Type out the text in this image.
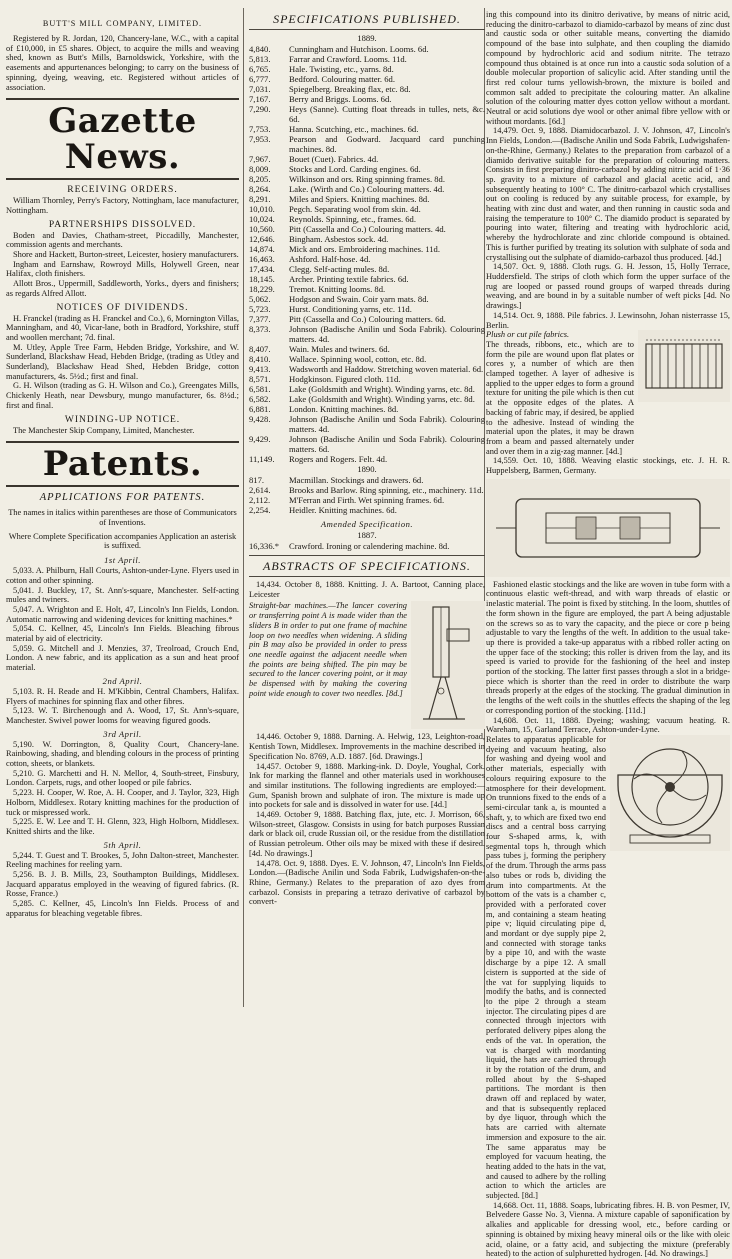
BUTT'S MILL COMPANY, LIMITED.

Registered by R. Jordan, 120, Chancery-lane, W.C., with a capital of £10,000, in £5 shares. Object, to acquire the mills and weaving shed, known as Butt's Mills, Barnoldswick, Yorkshire, with the easements and appurtenances belonging; to carry on the business of spinning, dyeing, weaving, etc. Registered without articles of association.

Gazette News.

RECEIVING ORDERS.

William Thornley, Perry's Factory, Nottingham, lace manufacturer, Nottingham.

PARTNERSHIPS DISSOLVED.

Boden and Davies, Chatham-street, Piccadilly, Manchester, commission agents and merchants.

Shore and Hackett, Burton-street, Leicester, hosiery manufacturers.

Ingham and Earnshaw, Rowroyd Mills, Holywell Green, near Halifax, cloth finishers.

Allott Bros., Uppermill, Saddleworth, Yorks., dyers and finishers; as regards Alfred Allott.

NOTICES OF DIVIDENDS.

H. Franckel (trading as H. Franckel and Co.), 6, Mornington Villas, Manningham, and 40, Vicar-lane, both in Bradford, Yorkshire, stuff and woollen merchant; 7d. final.

M. Utley, Apple Tree Farm, Hebden Bridge, Yorkshire, and W. Sunderland, Blackshaw Head, Hebden Bridge, (trading as Utley and Sunderland), Blackshaw Head Shed, Hebden Bridge, cotton manufacturers, 4s. 5½d.; first and final.

G. H. Wilson (trading as G. H. Wilson and Co.), Greengates Mills, Chickenly Heath, near Dewsbury, mungo manufacturer, 6s. 8½d.; first and final.

WINDING-UP NOTICE.

The Manchester Skip Company, Limited, Manchester.

Patents.

APPLICATIONS FOR PATENTS.

The names in italics within parentheses are those of Communicators of Inventions.

Where Complete Specification accompanies Application an asterisk is suffixed.

1st April.

5,033. A. Philburn, Hall Courts, Ashton-under-Lyne. Flyers used in cotton and other spinning.

5,041. J. Buckley, 17, St. Ann's-square, Manchester. Self-acting mules and twiners.

5,047. A. Wrighton and E. Holt, 47, Lincoln's Inn Fields, London. Automatic narrowing and widening devices for knitting machines.*

5,054. C. Kellner, 45, Lincoln's Inn Fields. Bleaching fibrous material by aid of electricity.

5,059. G. Mitchell and J. Menzies, 37, Treolroad, Crouch End, London. A new fabric, and its application as a sun and heat proof material.

2nd April.

5,103. R. H. Reade and H. M'Kibbin, Central Chambers, Halifax. Flyers of machines for spinning flax and other fibres.

5,123. W. T. Birchenough and A. Wood, 17, St. Ann's-square, Manchester. Swivel power looms for weaving figured goods.

3rd April.

5,190. W. Dorrington, 8, Quality Court, Chancery-lane. Rainbowing, shading, and blending colours in the process of printing cotton, sheets, or blankets.

5,210. G. Marchetti and H. N. Mellor, 4, South-street, Finsbury, London. Carpets, rugs, and other looped or pile fabrics.

5,223. H. Cooper, W. Roe, A. H. Cooper, and J. Taylor, 323, High Holborn, Middlesex. Rotary knitting machines for the production of tuck or mispressed work.

5,225. E. W. Lee and T. H. Glenn, 323, High Holborn, Middlesex. Knitted shirts and the like.

5th April.

5,244. T. Guest and T. Brookes, 5, John Dalton-street, Manchester. Reeling machines for reeling yarn.

5,256. B. J. B. Mills, 23, Southampton Buildings, Middlesex. Jacquard apparatus employed in the weaving of figured fabrics. (R. Rosse, France.)

5,285. C. Kellner, 45, Lincoln's Inn Fields. Process of and apparatus for bleaching vegetable fibres.

SPECIFICATIONS PUBLISHED.

1889.

4,840.	Cunningham and Hutchison. Looms. 6d.
5,813.	Farrar and Crawford. Looms. 11d.
6,765.	Hale. Twisting, etc., yarns. 8d.
6,777.	Bedford. Colouring matter. 6d.
7,031.	Spiegelberg. Breaking flax, etc. 8d.
7,167.	Berry and Briggs. Looms. 6d.
7,290.	Heys (Sanne). Cutting float threads in tulles, nets, &c. 6d.
7,753.	Hanna. Scutching, etc., machines. 6d.
7,953.	Pearson and Godward. Jacquard card punching machines. 8d.
7,967.	Bouet (Cuet). Fabrics. 4d.
8,009.	Stocks and Lord. Carding engines. 6d.
8,205.	Wilkinson and ors. Ring spinning frames. 8d.
8,264.	Lake. (Wirth and Co.) Colouring matters. 4d.
8,291.	Miles and Spiers. Knitting machines. 8d.
10,010.	Pegch. Separating wool from skin. 4d.
10,024.	Reynolds. Spinning, etc., frames. 6d.
10,560.	Pitt (Cassella and Co.) Colouring matters. 4d.
12,646.	Bingham. Asbestos sock. 4d.
14,874.	Mick and ors. Embroidering machines. 11d.
16,463.	Ashford. Half-hose. 4d.
17,434.	Clegg. Self-acting mules. 8d.
18,145.	Archer. Printing textile fabrics. 6d.
18,229.	Tremot. Knitting looms. 8d.
5,062.	Hodgson and Swain. Coir yarn mats. 8d.
5,723.	Hurst. Conditioning yarns, etc. 11d.
7,377.	Pitt (Cassella and Co.) Colouring matters. 6d.
8,373.	Johnson (Badische Anilin und Soda Fabrik). Colouring matters. 4d.
8,407.	Wain. Mules and twiners. 6d.
8,410.	Wallace. Spinning wool, cotton, etc. 8d.
9,413.	Wadsworth and Haddow. Stretching woven material. 6d.
8,571.	Hodgkinson. Figured cloth. 11d.
6,581.	Lake (Goldsmith and Wright). Winding yarns, etc. 8d.
6,582.	Lake (Goldsmith and Wright). Winding yarns, etc. 8d.
6,881.	London. Knitting machines. 8d.
9,428.	Johnson (Badische Anilin und Soda Fabrik). Colouring matters. 4d.
9,429.	Johnson (Badische Anilin und Soda Fabrik). Colouring matters. 6d.
11,149.	Rogers and Rogers. Felt. 4d.

1890.

817.	Macmillan. Stockings and drawers. 6d.
2,614.	Brooks and Barlow. Ring spinning, etc., machinery. 11d.
2,112.	M'Ferran and Firth. Wet spinning frames. 6d.
2,254.	Heidler. Knitting machines. 6d.

Amended Specification.

1887.

16,336.*	Crawford. Ironing or calendering machine. 8d.

ABSTRACTS OF SPECIFICATIONS.

14,434. October 8, 1888. Knitting. J. A. Bartoot, Canning place, Leicester

Straight-bar machines.—The lancer covering or transferring point A is made wider than the sliders B in order to put one frame of machine loop on two needles when widening. A sliding pin B may also be provided in order to press one needle against the adjacent needle when the points are being shifted. The pin may be secured to the lancer covering point, or it may be dispensed with by making the covering point wide enough to cover two needles. [8d.]

14,446. October 9, 1888. Darning. A. Helwig, 123, Leighton-road, Kentish Town, Middlesex. Improvements in the machine described in Specification No. 8769, A.D. 1887. [6d. Drawings.]

14,457. October 9, 1888. Marking-ink. D. Doyle, Youghal, Cork. Ink for marking the flannel and other materials used in workhouses and similar institutions. The following ingredients are employed:—Gum, Spanish brown and sulphate of iron. The mixture is made up into pockets for sale and is dissolved in water for use. [4d.]

14,469. October 9, 1888. Batching flax, jute, etc. J. Morrison, 66, Wilson-street, Glasgow. Consists in using for batch purposes Russian dark or black oil, crude Russian oil, or the residue from the distillation of Russian petroleum. Other oils may be mixed with these if desired. [4d. No drawings.]

14,478. Oct. 9, 1888. Dyes. E. V. Johnson, 47, Lincoln's Inn Fields, London.—(Badische Anilin und Soda Fabrik, Ludwigshafen-on-the-Rhine, Germany.) Relates to the preparation of azo dyes from carbazol. Consists in preparing a tetrazo derivative of carbazol by convert-

ing this compound into its dinitro derivative, by means of nitric acid, reducing the dinitro-carbazol to diamido-carbazol by means of zinc dust and caustic soda or other suitable means, converting the diamido compound of the base into sulphate, and then coupling the diamido compound by hydrochloric acid and sodium nitrite. The tetrazo compound thus obtained is at once run into a caustic soda solution of a double molecular proportion of salicylic acid. After standing until the first red colour turns yellowish-brown, the mixture is boiled and common salt added to precipitate the colouring matter. An alkaline solution of the colouring matter dyes cotton yellow without a mordant. Neutral or acid solutions dye wool or other animal fibre yellow with or without mordants. [6d.]

14,479. Oct. 9, 1888. Diamidocarbazol. J. V. Johnson, 47, Lincoln's Inn Fields, London.—(Badische Anilin und Soda Fabrik, Ludwigshafen-on-the-Rhine, Germany.) Relates to the preparation from carbazol of a diamido derivative suitable for the preparation of colouring matters. Consists in first preparing dinitro-carbazol by adding nitric acid of 1·36 sp. gravity to a mixture of carbazol and glacial acetic acid, and subsequently heating to 100° C. The dinitro-carbazol which crystallises out on cooling is reduced by any suitable process, for example, by heating with zinc dust and water, and then running in caustic soda and raising the temperature to 100° C. The diamido product is separated by pouring into water, filtering and treating with hydrochloric acid, whereby the hydrochlorate and zinc chloride compound is obtained. This is further purified by treating its solution with sulphate of soda and crystallising out the sulphate of diamido-carbazol thus produced. [4d.]

14,507. Oct. 9, 1888. Cloth rugs. G. H. Jesson, 15, Holly Terrace, Huddersfield. The strips of cloth which form the upper surface of the rug are looped or passed round groups of warped threads during weaving, and are bound in by a suitable number of weft picks [4d. No drawings.]

14,514. Oct. 9, 1888. Pile fabrics. J. Lewinsohn, Johan nisterrasse 15, Berlin.

Plush or cut pile fabrics.

The threads, ribbons, etc., which are to form the pile are wound upon flat plates or cores y, a number of which are then clamped together. A layer of adhesive is applied to the upper edges to form a ground texture for uniting the pile which is then cut at the opposite edges of the plates. A backing of fabric may, if desired, be applied to the adhesive. Instead of winding the material upon the plates, it may be drawn from a beam and passed alternately under and over them in a zig-zag manner. [4d.]

14,559. Oct. 10, 1888. Weaving elastic stockings, etc. J. H. R. Huppelsberg, Barmen, Germany.

Fashioned elastic stockings and the like are woven in tube form with a continuous elastic weft-thread, and with warp threads of elastic or inelastic material. The point is fixed by stitching. In the loom, shuttles of the form shown in the figure are employed, the part A being adjustable on the screws so as to vary the capacity, and the piece or core p being adjustable to vary the lengths of the weft. In addition to the usual take-up there is provided a take-up apparatus with a ribbed roller acting on the upper face of the stocking; this roller is driven from the lay, and its speed is varied to provide for the fashioning of the heel and instep portion of the stocking. The latter first passes through a slot in a bridge-piece which is shorter than the reed in order to distribute the warp threads properly at the edges of the stocking. The gradual diminution in the lengths of the weft coils in the shuttles effects the shaping of the leg or corresponding portion of the stocking. [11d.]

14,608. Oct. 11, 1888. Dyeing; washing; vacuum heating. R. Wareham, 15, Garland Terrace, Ashton-under-Lyne.

Relates to apparatus applicable for dyeing and vacuum heating, also for washing and dyeing wool and other materials, especially with colours requiring exposure to the atmosphere for their development. On trunnions fixed to the ends of a semi-circular tank a, is mounted a shaft, y, to which are fixed two end discs and a central boss carrying four S-shaped arms, k, with segmental tops h, through which pass tubes j, forming the periphery of the drum. Through the arms pass also tubes or rods b, dividing the drum into compartments. At the bottom of the vats is a chamber c, provided with a perforated cover m, and containing a steam heating pipe v; liquid circulating pipe d, and mordant or dye supply pipe 2, and connected with storage tanks by a pipe 10, and with the waste discharge by a pipe 12. A small cistern is supported at the side of the vat for supplying liquids to modify the baths, and is connected to the pipe 2 through a steam injector. The circulating pipes d are connected through injectors with perforated delivery pipes along the ends of the vat. In operation, the vat is charged with mordanting liquid, the hats are carried through it by the rotation of the drum, and rolled about by the S-shaped partitions. The mordant is then drawn off and replaced by water, and that is subsequently replaced by dye liquor, through which the hats are carried with alternate immersion and exposure to the air. The same apparatus may be employed for vacuum heating, the heating added to the hats in the vat, and caused to adhere by the rolling action to which the articles are subjected. [8d.]

14,668. Oct. 11, 1888. Soaps, lubricating fibres. H. B. von Pesmer, IV, Belvedere Gasse No. 3, Vienna. A mixture capable of saponification by alkalies and applicable for dressing wool, etc., before carding or spinning is obtained by mixing heavy mineral oils or the like with oleic acid, olaine, or a fatty acid, and subjecting the mixture (preferably heated) to the action of sulphuretted hydrogen. [4d. No drawings.]
